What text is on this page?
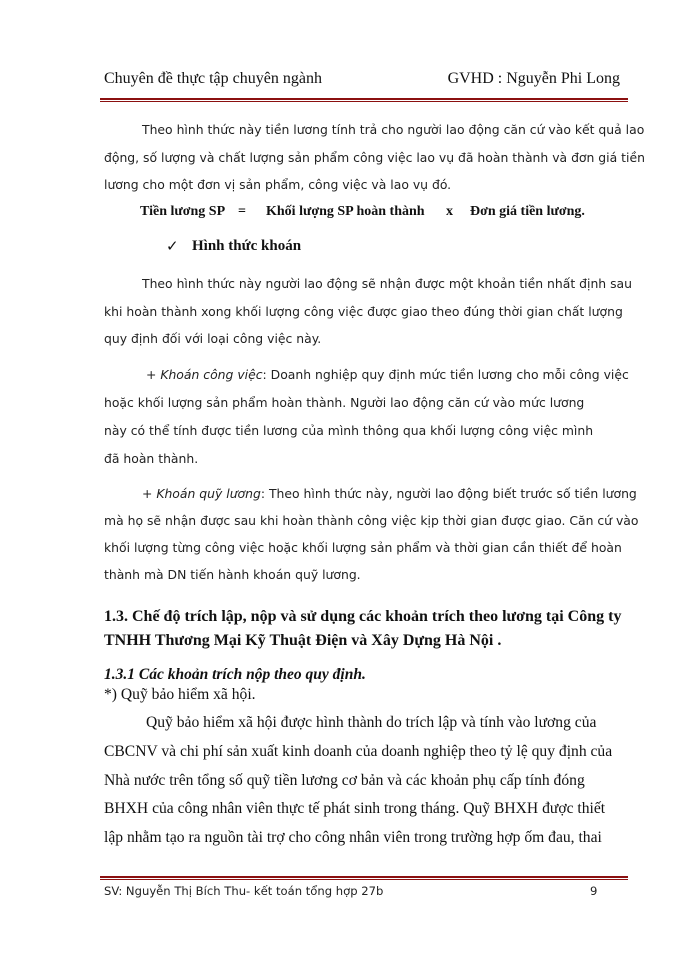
Chuyên đề thực tập chuyên ngành	GVHD : Nguyễn Phi Long
Theo hình thức này tiền lương tính trả cho người lao động căn cứ vào kết quả lao
động, số lượng và chất lượng sản phẩm công việc lao vụ đã hoàn thành và đơn giá tiền
lương cho một đơn vị sản phẩm, công việc và lao vụ đó.
Tiền lương SP = Khối lượng SP hoàn thành x Đơn giá tiền lương.
✓ Hình thức khoán
Theo hình thức này người lao động sẽ nhận được một khoản tiền nhất định sau
khi hoàn thành xong khối lượng công việc được giao theo đúng thời gian chất lượng
quy định đối với loại công việc này.
+ Khoán công việc: Doanh nghiệp quy định mức tiền lương cho mỗi công việc
hoặc khối lượng sản phẩm hoàn thành. Người lao động căn cứ vào mức lương
này có thể tính được tiền lương của mình thông qua khối lượng công việc mình
đã hoàn thành.
+ Khoán quỹ lương: Theo hình thức này, người lao động biết trước số tiền lương
mà họ sẽ nhận được sau khi hoàn thành công việc kịp thời gian được giao. Căn cứ vào
khối lượng từng công việc hoặc khối lượng sản phẩm và thời gian cần thiết để hoàn
thành mà DN tiến hành khoán quỹ lương.
1.3. Chế độ trích lập, nộp và sử dụng các khoản trích theo lương tại Công ty
TNHH Thương Mại Kỹ Thuật Điện và Xây Dựng Hà Nội .
1.3.1 Các khoản trích nộp theo quy định.
*) Quỹ bảo hiểm xã hội.
Quỹ bảo hiểm xã hội được hình thành do trích lập và tính vào lương của
CBCNV và chi phí sản xuất kinh doanh của doanh nghiệp theo tỷ lệ quy định của
Nhà nước trên tổng số quỹ tiền lương cơ bản và các khoản phụ cấp tính đóng
BHXH của công nhân viên thực tế phát sinh trong tháng. Quỹ BHXH được thiết
lập nhằm tạo ra nguồn tài trợ cho công nhân viên trong trường hợp ốm đau, thai
SV: Nguyễn Thị Bích Thu- kết toán tổng hợp 27b	9
